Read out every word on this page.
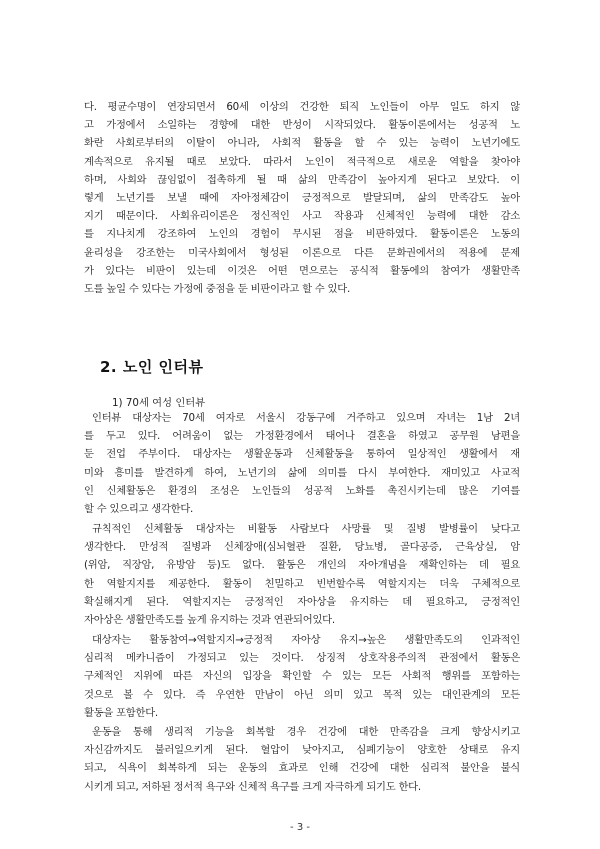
다. 평균수명이 연장되면서 60세 이상의 건강한 퇴직 노인들이 아무 일도 하지 않
고 가정에서 소일하는 경향에 대한 반성이 시작되었다. 활동이론에서는 성공적 노
화란 사회로부터의 이탈이 아니라, 사회적 활동을 할 수 있는 능력이 노년기에도
계속적으로 유지될 때로 보았다. 따라서 노인이 적극적으로 새로운 역할을 찾아야
하며, 사회와 끊임없이 접촉하게 될 때 삶의 만족감이 높아지게 된다고 보았다. 이
렇게 노년기를 보낼 때에 자아정체감이 긍정적으로 발달되며, 삶의 만족감도 높아
지기 때문이다. 사회유리이론은 정신적인 사고 작용과 신체적인 능력에 대한 감소
를 지나치게 강조하여 노인의 경험이 무시된 점을 비판하였다. 활동이론은 노동의
윤리성을 강조한는 미국사회에서 형성된 이론으로 다른 문화권에서의 적용에 문제
가 있다는 비판이 있는데 이것은 어떤 면으로는 공식적 활동에의 참여가 생활만족
도를 높일 수 있다는 가정에 중점을 둔 비판이라고 할 수 있다.
2. 노인 인터뷰
1) 70세 여성 인터뷰
인터뷰 대상자는 70세 여자로 서울시 강동구에 거주하고 있으며 자녀는 1남 2녀
를 두고 있다. 어려움이 없는 가정환경에서 태어나 결혼을 하였고 공무원 남편을
둔 전업 주부이다. 대상자는 생활운동과 신체활동을 통하여 일상적인 생활에서 재
미와 흥미를 발견하게 하여, 노년기의 삶에 의미를 다시 부여한다. 재미있고 사교적
인 신체활동은 환경의 조성은 노인들의 성공적 노화를 촉진시키는데 많은 기여를
할 수 있으리고 생각한다.
규칙적인 신체활동 대상자는 비활동 사람보다 사망률 및 질병 발병률이 낮다고
생각한다. 만성적 질병과 신체장애(심뇌혈관 질환, 당뇨병, 골다공증, 근육상실, 암
(위암, 직장암, 유방암 등)도 없다. 활동은 개인의 자아개념을 재확인하는 데 필요
한 역할지지를 제공한다. 활동이 친밀하고 빈번할수록 역할지지는 더욱 구체적으로
확실해지게 된다. 역할지지는 긍정적인 자아상을 유지하는 데 필요하고, 긍정적인
자아상은 생활만족도를 높게 유지하는 것과 연관되어있다.
대상자는 활동참여→역할지지→긍정적 자아상 유지→높은 생활만족도의 인과적인
심리적 메카니즘이 가정되고 있는 것이다. 상징적 상호작용주의적 관점에서 활동은
구체적인 지위에 따른 자신의 입장을 확인할 수 있는 모든 사회적 행위를 포함하는
것으로 볼 수 있다. 즉 우연한 만남이 아닌 의미 있고 목적 있는 대인관계의 모든
활동을 포함한다.
운동을 통해 생리적 기능을 회복할 경우 건강에 대한 만족감을 크게 향상시키고
자신감까지도 불러일으키게 된다. 혈압이 낮아지고, 심폐기능이 양호한 상태로 유지
되고, 식욕이 회복하게 되는 운동의 효과로 인해 건강에 대한 심리적 불안을 불식
시키게 되고, 저하된 정서적 욕구와 신체적 욕구를 크게 자극하게 되기도 한다.
- 3 -
